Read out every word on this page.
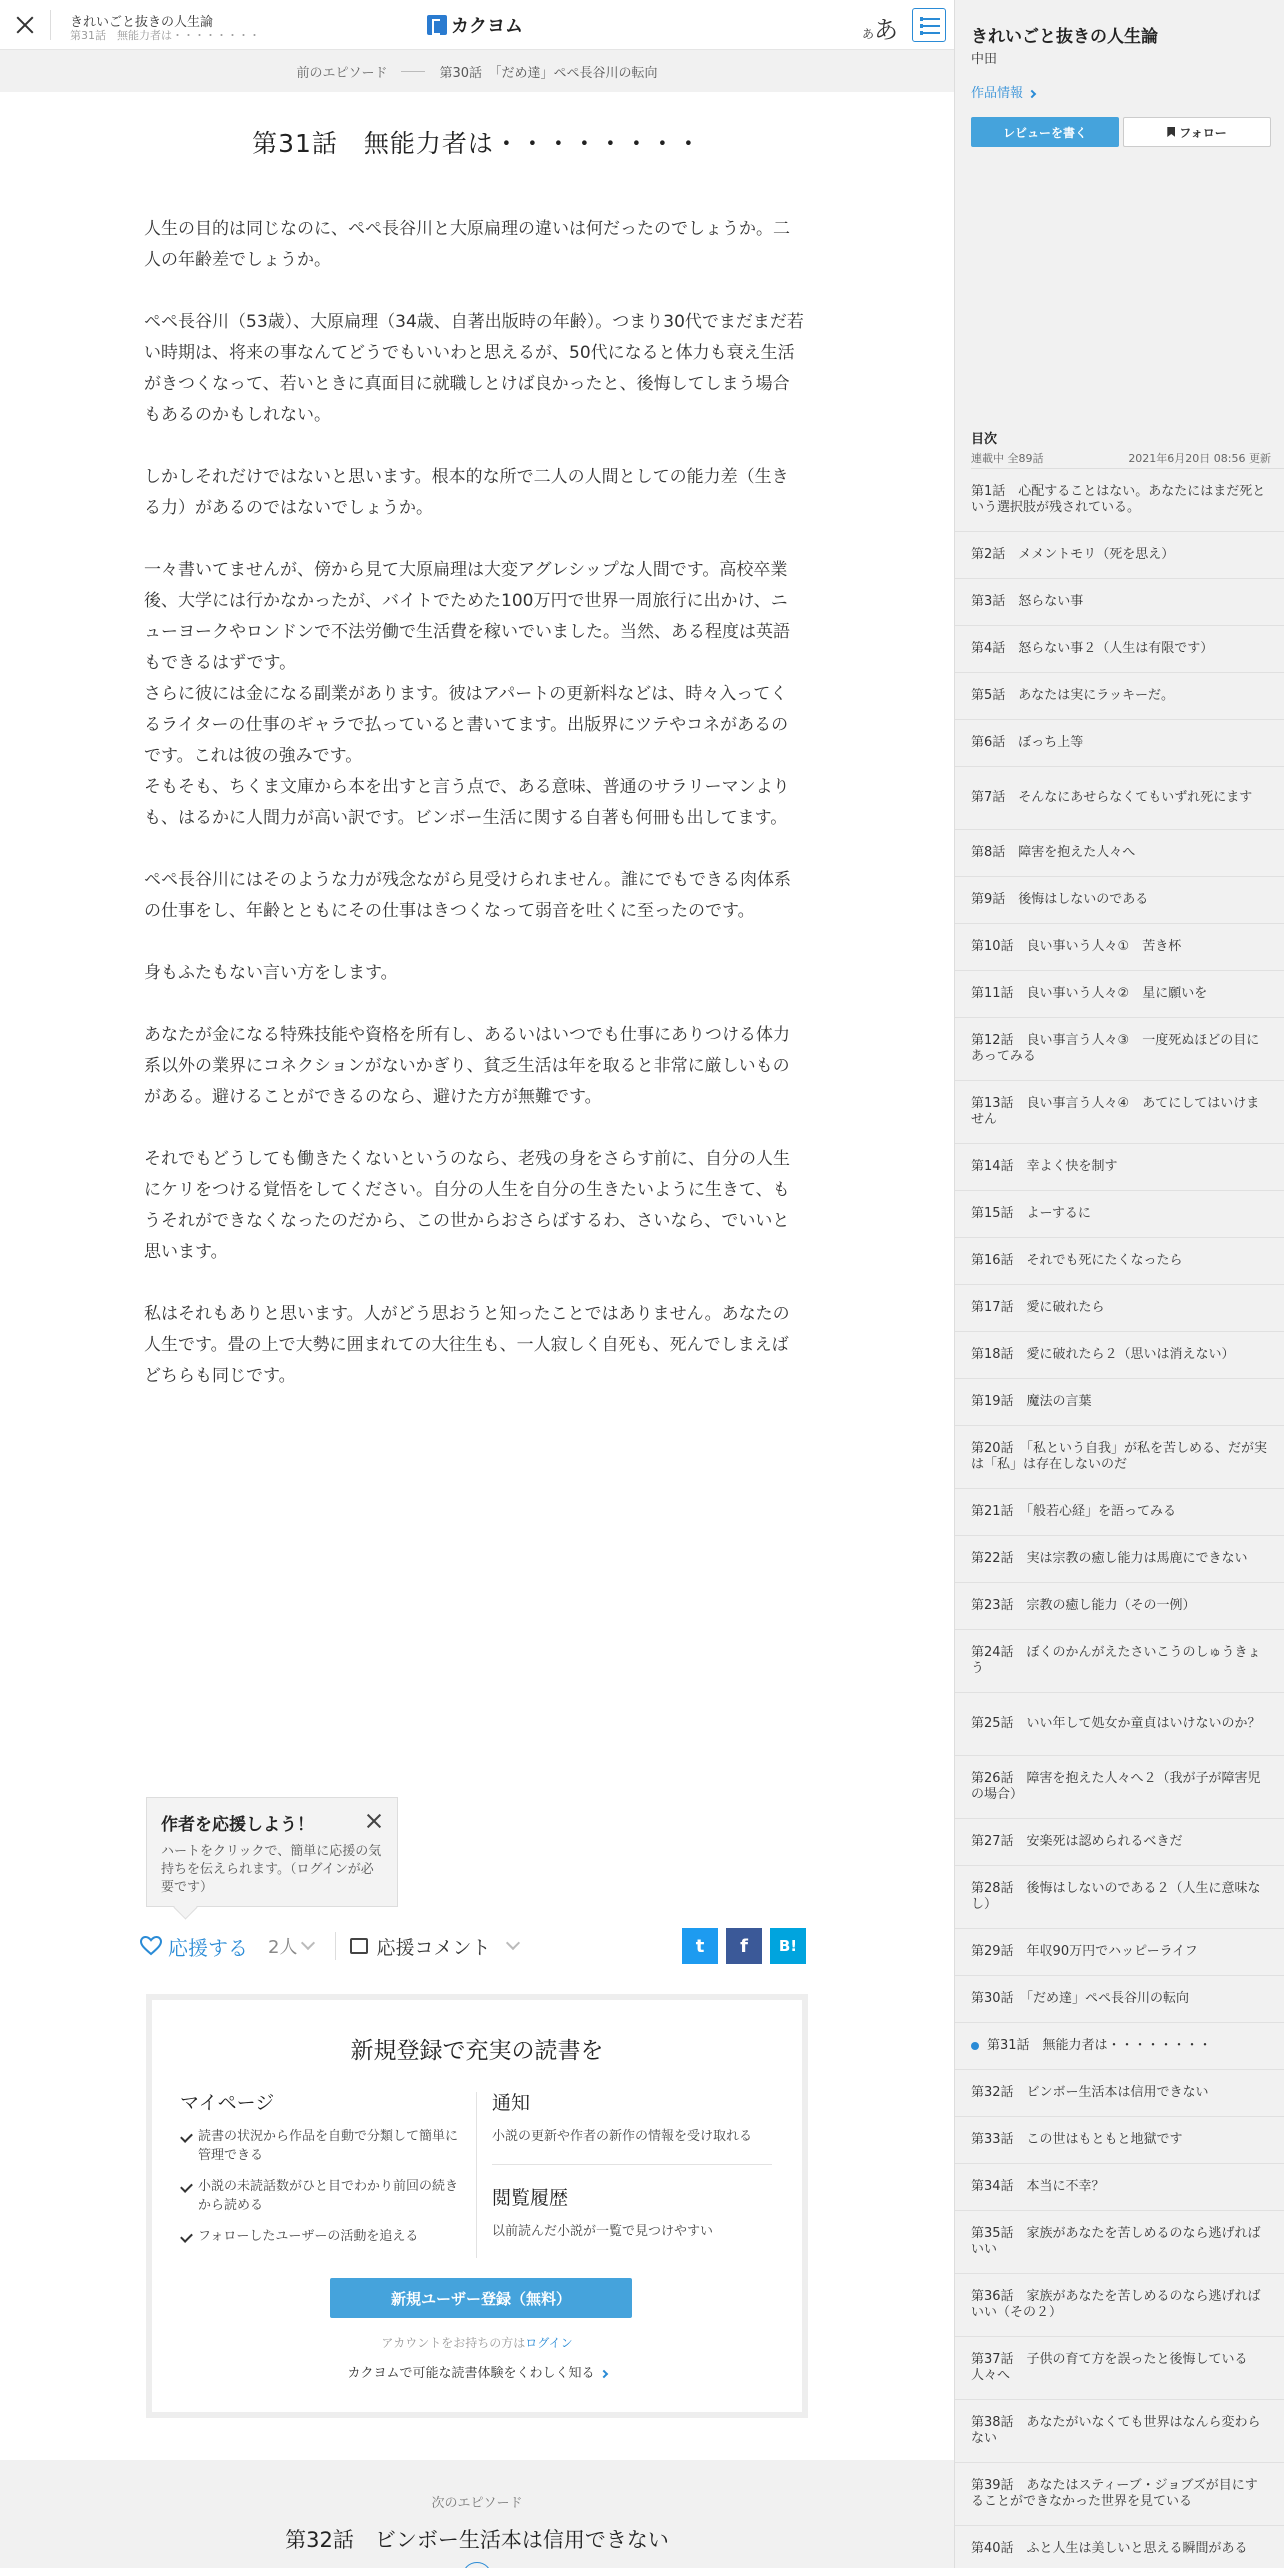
きれいごと抜きの人生論
第31話　無能力者は・・・・・・・・	カクヨム	ああ
前のエピソード	第30話　「だめ達」ペペ長谷川の転向
第31話　無能力者は・・・・・・・・

人生の目的は同じなのに、ペペ長谷川と大原扁理の違いは何だったのでしょうか。二人の年齢差でしょうか。

ペペ長谷川（53歳）、大原扁理（34歳、自著出版時の年齢）。つまり30代でまだまだ若い時期は、将来の事なんてどうでもいいわと思えるが、50代になると体力も衰え生活がきつくなって、若いときに真面目に就職しとけば良かったと、後悔してしまう場合もあるのかもしれない。

しかしそれだけではないと思います。根本的な所で二人の人間としての能力差（生きる力）があるのではないでしょうか。

一々書いてませんが、傍から見て大原扁理は大変アグレシップな人間です。高校卒業後、大学には行かなかったが、バイトでためた100万円で世界一周旅行に出かけ、ニューヨークやロンドンで不法労働で生活費を稼いでいました。当然、ある程度は英語もできるはずです。
さらに彼には金になる副業があります。彼はアパートの更新料などは、時々入ってくるライターの仕事のギャラで払っていると書いてます。出版界にツテやコネがあるのです。これは彼の強みです。
そもそも、ちくま文庫から本を出すと言う点で、ある意味、普通のサラリーマンよりも、はるかに人間力が高い訳です。ビンボー生活に関する自著も何冊も出してます。

ペペ長谷川にはそのような力が残念ながら見受けられません。誰にでもできる肉体系の仕事をし、年齢とともにその仕事はきつくなって弱音を吐くに至ったのです。

身もふたもない言い方をします。

あなたが金になる特殊技能や資格を所有し、あるいはいつでも仕事にありつける体力系以外の業界にコネクションがないかぎり、貧乏生活は年を取ると非常に厳しいものがある。避けることができるのなら、避けた方が無難です。

それでもどうしても働きたくないというのなら、老残の身をさらす前に、自分の人生にケリをつける覚悟をしてください。自分の人生を自分の生きたいように生きて、もうそれができなくなったのだから、この世からおさらばするわ、さいなら、でいいと思います。

私はそれもありと思います。人がどう思おうと知ったことではありません。あなたの人生です。畳の上で大勢に囲まれての大往生も、一人寂しく自死も、死んでしまえばどちらも同じです。

作者を応援しよう！
ハートをクリックで、簡単に応援の気持ちを伝えられます。（ログインが必要です）
応援する 2人	応援コメント	t	f	B!
新規登録で充実の読書を
マイページ
読書の状況から作品を自動で分類して簡単に管理できる
小説の未読話数がひと目でわかり前回の続きから読める
フォローしたユーザーの活動を追える
通知
小説の更新や作者の新作の情報を受け取れる
閲覧履歴
以前読んだ小説が一覧で見つけやすい
新規ユーザー登録（無料）
アカウントをお持ちの方はログイン
カクヨムで可能な読書体験をくわしく知る
次のエピソード
第32話　ビンボー生活本は信用できない
きれいごと抜きの人生論
中田
作品情報
レビューを書く	フォロー
目次
連載中 全89話	2021年6月20日 08:56 更新
第1話　心配することはない。あなたにはまだ死という選択肢が残されている。
第2話　メメントモリ（死を思え）
第3話　怒らない事
第4話　怒らない事２（人生は有限です）
第5話　あなたは実にラッキーだ。
第6話　ぼっち上等
第7話　そんなにあせらなくてもいずれ死にます
第8話　障害を抱えた人々へ
第9話　後悔はしないのである
第10話　良い事いう人々①　苦き杯
第11話　良い事いう人々②　星に願いを
第12話　良い事言う人々③　一度死ぬほどの目にあってみる
第13話　良い事言う人々④　あてにしてはいけません
第14話　幸よく快を制す
第15話　よーするに
第16話　それでも死にたくなったら
第17話　愛に破れたら
第18話　愛に破れたら２（思いは消えない）
第19話　魔法の言葉
第20話　「私という自我」が私を苦しめる、だが実は「私」は存在しないのだ
第21話　「般若心経」を語ってみる
第22話　実は宗教の癒し能力は馬鹿にできない
第23話　宗教の癒し能力（その一例）
第24話　ぼくのかんがえたさいこうのしゅうきょう
第25話　いい年して処女か童貞はいけないのか？
第26話　障害を抱えた人々へ２（我が子が障害児の場合）
第27話　安楽死は認められるべきだ
第28話　後悔はしないのである２（人生に意味なし）
第29話　年収90万円でハッピーライフ
第30話　「だめ達」ペペ長谷川の転向
第31話　無能力者は・・・・・・・・
第32話　ビンボー生活本は信用できない
第33話　この世はもともと地獄です
第34話　本当に不幸？
第35話　家族があなたを苦しめるのなら逃げればいい
第36話　家族があなたを苦しめるのなら逃げればいい（その２）
第37話　子供の育て方を誤ったと後悔している人々へ
第38話　あなたがいなくても世界はなんら変わらない
第39話　あなたはスティーブ・ジョブズが目にすることができなかった世界を見ている
第40話　ふと人生は美しいと思える瞬間がある
